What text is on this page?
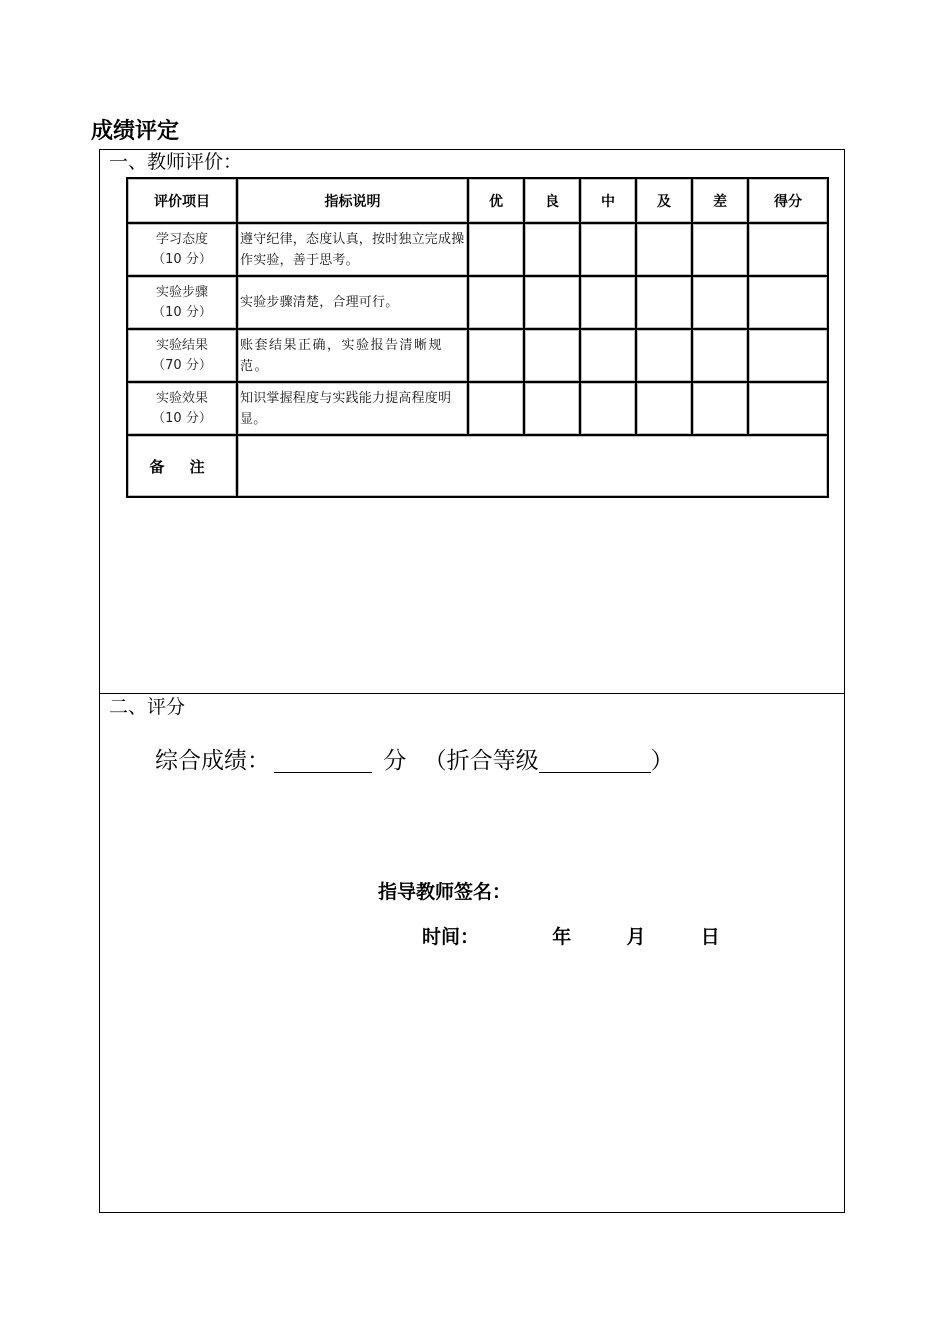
成绩评定
一、教师评价：
评价项目	指标说明	优	良	中	及	差	得分

学习态度
（10 分）	遵守纪律，态度认真，按时独立完成操作实验，善于思考。						

实验步骤
（10 分）	实验步骤清楚，合理可行。						

实验结果
（70 分）	账套结果正确，实验报告清晰规范。						

实验效果
（10 分）	知识掌握程度与实践能力提高程度明显。						
备 注							
二、评分
综合成绩：	分 （折合等级	）
指导教师签名：
时间：	年	月	日
